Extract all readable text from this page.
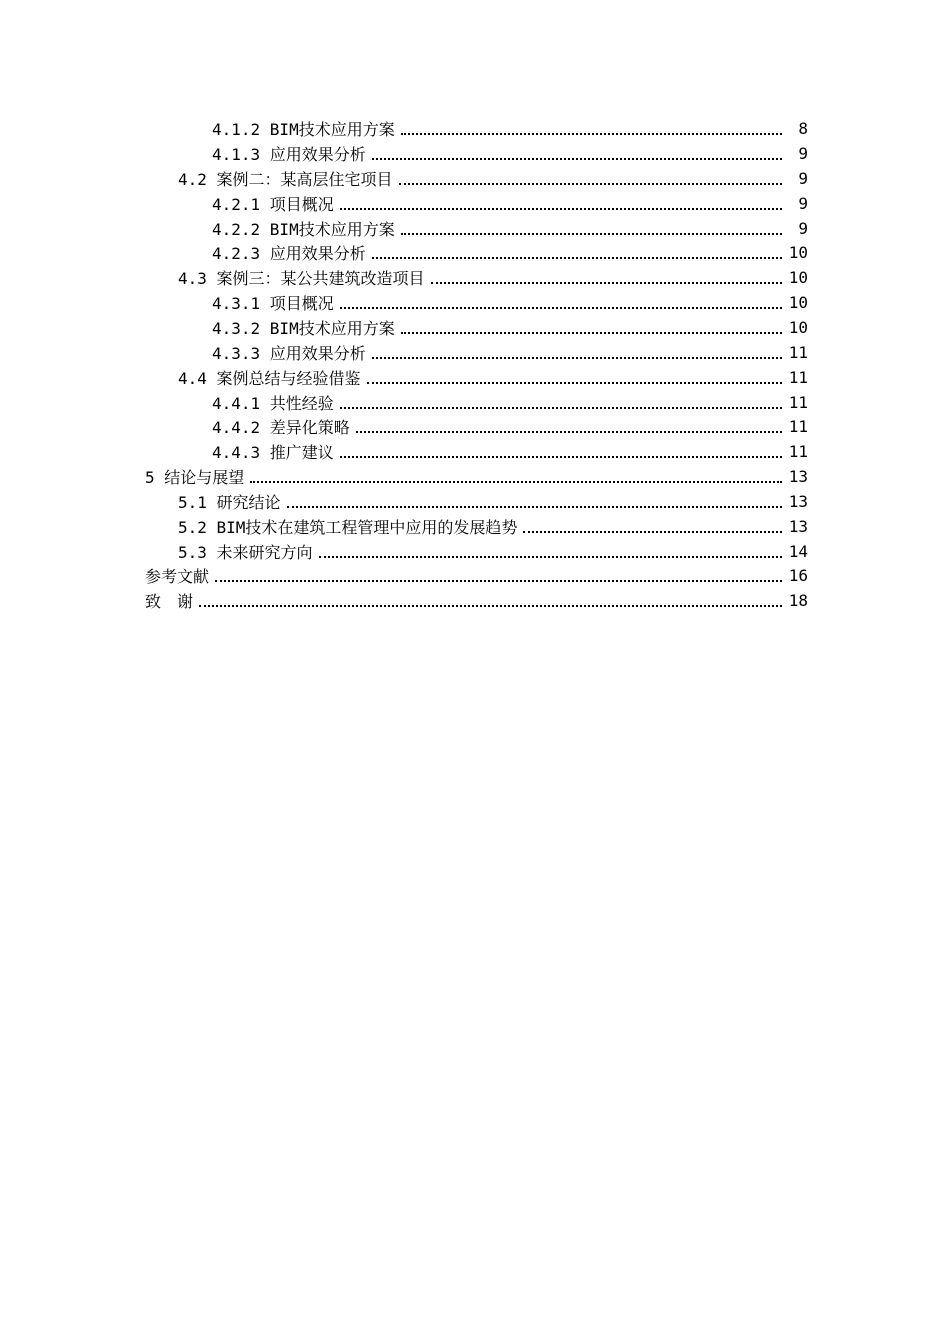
4.1.2 BIM技术应用方案	8
4.1.3 应用效果分析	9
4.2 案例二：某高层住宅项目	9
4.2.1 项目概况	9
4.2.2 BIM技术应用方案	9
4.2.3 应用效果分析	10
4.3 案例三：某公共建筑改造项目	10
4.3.1 项目概况	10
4.3.2 BIM技术应用方案	10
4.3.3 应用效果分析	11
4.4 案例总结与经验借鉴	11
4.4.1 共性经验	11
4.4.2 差异化策略	11
4.4.3 推广建议	11
5 结论与展望	13
5.1 研究结论	13
5.2 BIM技术在建筑工程管理中应用的发展趋势	13
5.3 未来研究方向	14
参考文献	16
致　谢	18
